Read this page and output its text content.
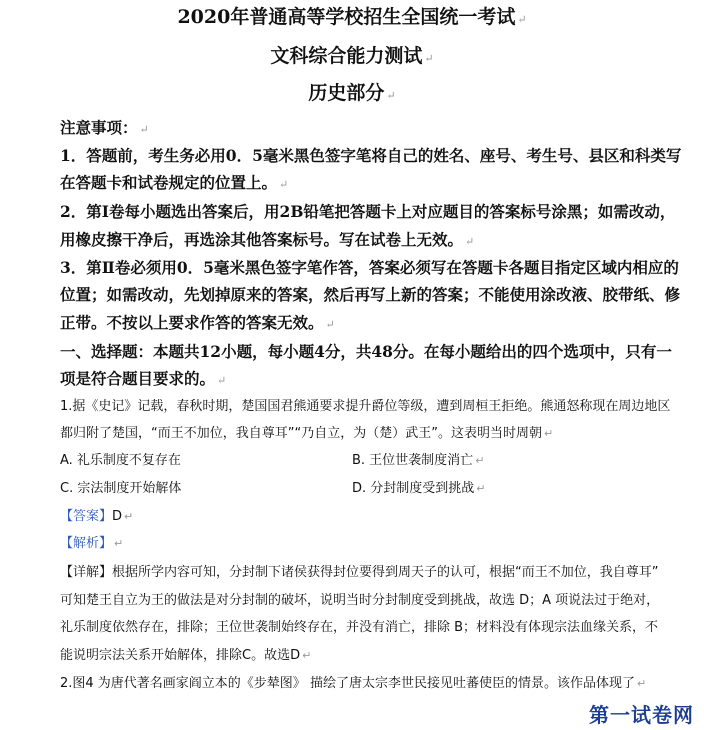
2020年普通高等学校招生全国统一考试 ↵
文科综合能力测试 ↵
历史部分 ↵
注意事项： ↵
1．答题前，考生务必用0．5毫米黑色签字笔将自己的姓名、座号、考生号、县区和科类写
在答题卡和试卷规定的位置上。 ↵
2．第Ⅰ卷每小题选出答案后，用2B铅笔把答题卡上对应题目的答案标号涂黑；如需改动，
用橡皮擦干净后，再选涂其他答案标号。写在试卷上无效。 ↵
3．第Ⅱ卷必须用0．5毫米黑色签字笔作答，答案必须写在答题卡各题目指定区域内相应的
位置；如需改动，先划掉原来的答案，然后再写上新的答案；不能使用涂改液、胶带纸、修
正带。不按以上要求作答的答案无效。 ↵
一、选择题：本题共12小题，每小题4分，共48分。在每小题给出的四个选项中，只有一
项是符合题目要求的。 ↵
1.据《史记》记载，春秋时期，楚国国君熊通要求提升爵位等级，遭到周桓王拒绝。熊通怒称现在周边地区
都归附了楚国，“而王不加位，我自尊耳”“乃自立，为（楚）武王”。这表明当时周朝 ↵
A. 礼乐制度不复存在	B. 王位世袭制度消亡 ↵
C. 宗法制度开始解体	D. 分封制度受到挑战 ↵
【答案】D ↵
【解析】 ↵
【详解】根据所学内容可知，分封制下诸侯获得封位要得到周天子的认可，根据“而王不加位，我自尊耳”
可知楚王自立为王的做法是对分封制的破坏，说明当时分封制度受到挑战，故选 D；A 项说法过于绝对，
礼乐制度依然存在，排除；王位世袭制始终存在，并没有消亡，排除 B；材料没有体现宗法血缘关系，不
能说明宗法关系开始解体，排除C。故选D ↵
2.图4 为唐代著名画家阎立本的《步辇图》 描绘了唐太宗李世民接见吐蕃使臣的情景。该作品体现了 ↵
第一试卷网
